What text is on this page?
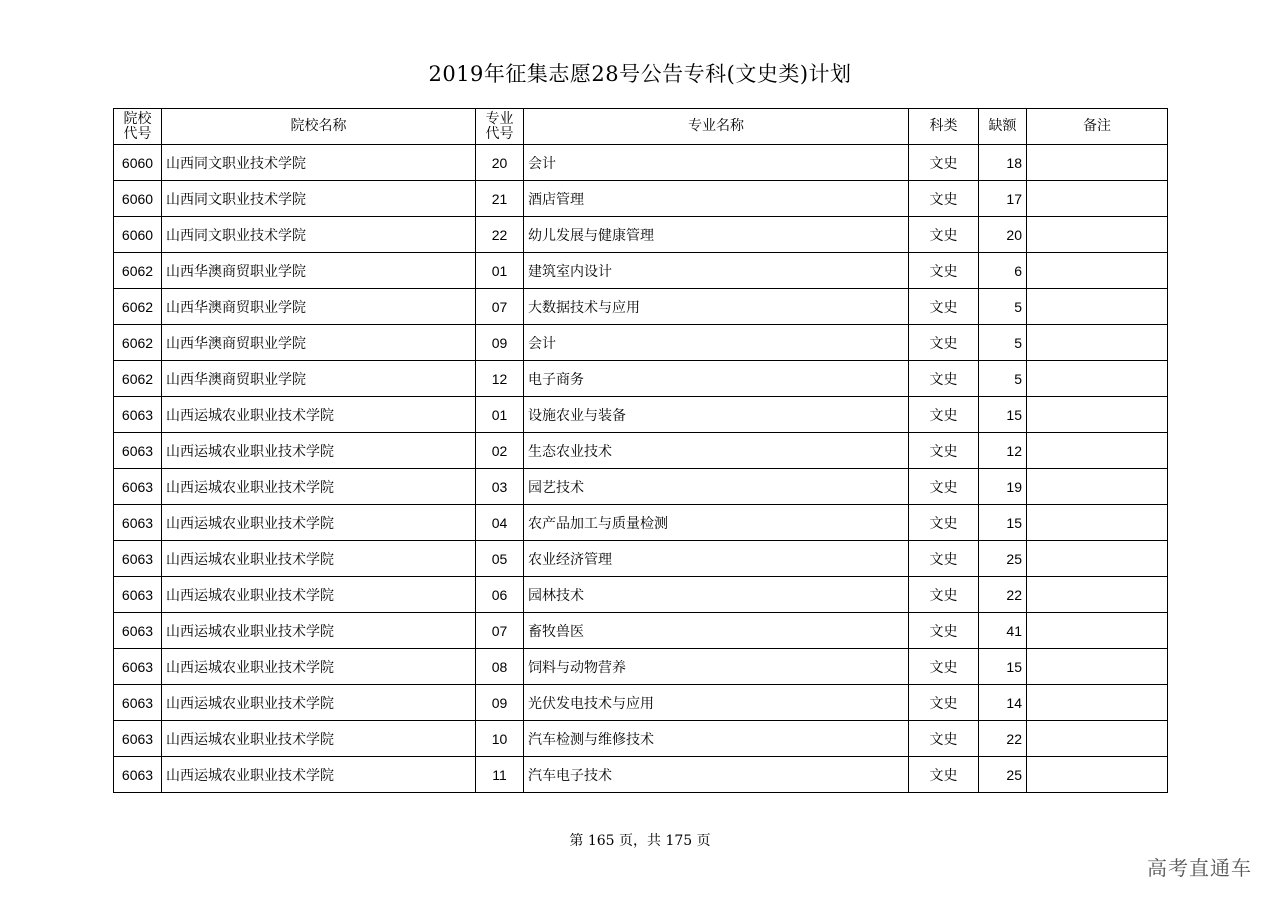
2019年征集志愿28号公告专科(文史类)计划
院校代号	院校名称	专业代号	专业名称	科类	缺额	备注
6060	山西同文职业技术学院	20	会计	文史	18	
6060	山西同文职业技术学院	21	酒店管理	文史	17	
6060	山西同文职业技术学院	22	幼儿发展与健康管理	文史	20	
6062	山西华澳商贸职业学院	01	建筑室内设计	文史	6	
6062	山西华澳商贸职业学院	07	大数据技术与应用	文史	5	
6062	山西华澳商贸职业学院	09	会计	文史	5	
6062	山西华澳商贸职业学院	12	电子商务	文史	5	
6063	山西运城农业职业技术学院	01	设施农业与装备	文史	15	
6063	山西运城农业职业技术学院	02	生态农业技术	文史	12	
6063	山西运城农业职业技术学院	03	园艺技术	文史	19	
6063	山西运城农业职业技术学院	04	农产品加工与质量检测	文史	15	
6063	山西运城农业职业技术学院	05	农业经济管理	文史	25	
6063	山西运城农业职业技术学院	06	园林技术	文史	22	
6063	山西运城农业职业技术学院	07	畜牧兽医	文史	41	
6063	山西运城农业职业技术学院	08	饲料与动物营养	文史	15	
6063	山西运城农业职业技术学院	09	光伏发电技术与应用	文史	14	
6063	山西运城农业职业技术学院	10	汽车检测与维修技术	文史	22	
6063	山西运城农业职业技术学院	11	汽车电子技术	文史	25	
第 165 页，共 175 页
高考直通车
